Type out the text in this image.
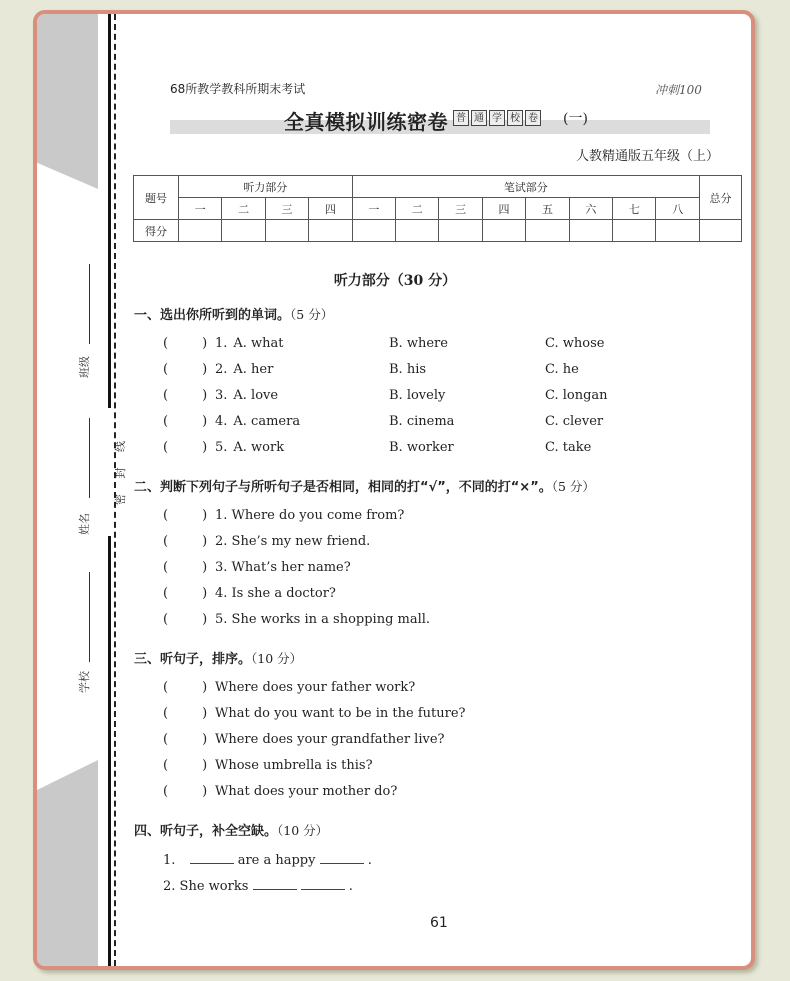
班级
姓名
密 封 线
学校
68所教学教科所期末考试	冲刺100
全真模拟训练密卷 普 通 学 校 卷 (一)
人教精通版五年级（上）
题号	听力部分				笔试部分								总分
	一	二	三	四	一	二	三	四	五	六	七	八	
得分													
听力部分（30 分）
一、选出你所听到的单词。（5 分）
(	) 1. A. what	B. where	C. whose
(	) 2. A. her	B. his	C. he
(	) 3. A. love	B. lovely	C. longan
(	) 4. A. camera	B. cinema	C. clever
(	) 5. A. work	B. worker	C. take
二、判断下列句子与所听句子是否相同，相同的打“√”，不同的打“×”。（5 分）
(	) 1. Where do you come from?
(	) 2. She’s my new friend.
(	) 3. What’s her name?
(	) 4. Is she a doctor?
(	) 5. She works in a shopping mall.
三、听句子，排序。（10 分）
(	) Where does your father work?
(	) What do you want to be in the future?
(	) Where does your grandfather live?
(	) Whose umbrella is this?
(	) What does your mother do?
四、听句子，补全空缺。（10 分）
1.	are a happy	.
2. She works	.
61
